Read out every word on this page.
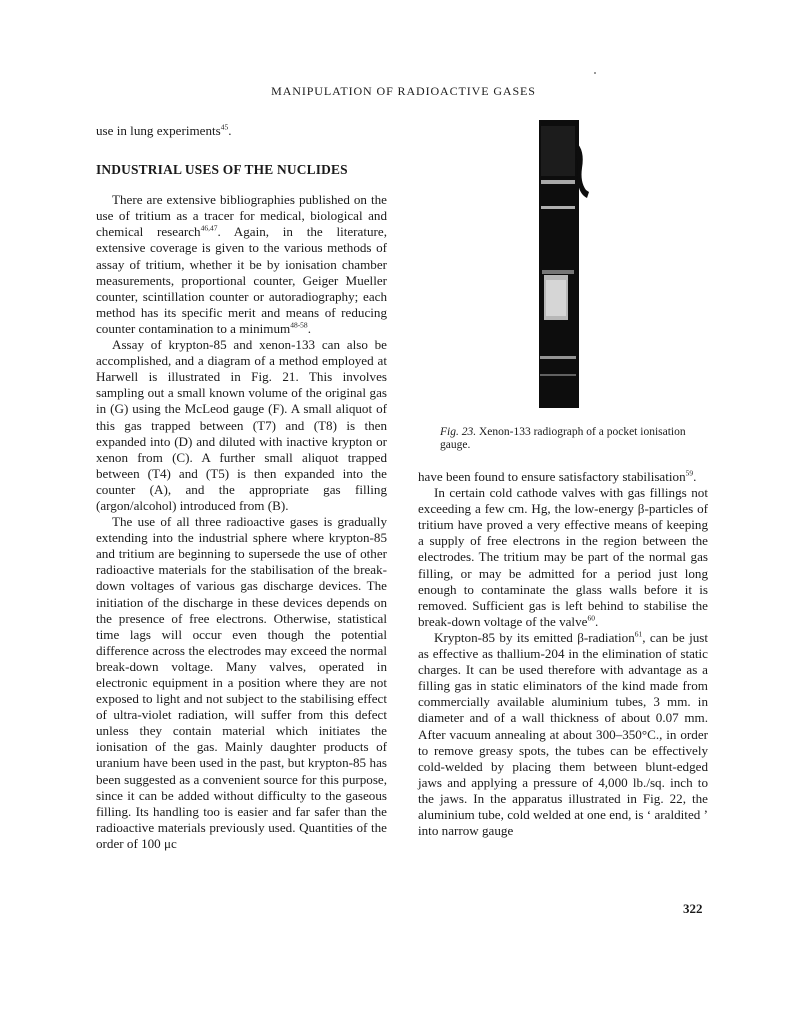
MANIPULATION OF RADIOACTIVE GASES

use in lung experiments$^{45}$.

INDUSTRIAL USES OF THE NUCLIDES

There are extensive bibliographies published on the use of tritium as a tracer for medical, biological and chemical research$^{46,47}$. Again, in the literature, extensive coverage is given to the various methods of assay of tritium, whether it be by ionisation chamber measurements, proportional counter, Geiger Mueller counter, scintillation counter or autoradiography; each method has its specific merit and means of reducing counter contamination to a minimum$^{48-58}$.

Assay of krypton-85 and xenon-133 can also be accomplished, and a diagram of a method employed at Harwell is illustrated in Fig. 21. This involves sampling out a small known volume of the original gas in (G) using the McLeod gauge (F). A small aliquot of this gas trapped between (T7) and (T8) is then expanded into (D) and diluted with inactive krypton or xenon from (C). A further small aliquot trapped between (T4) and (T5) is then expanded into the counter (A), and the appropriate gas filling (argon/alcohol) introduced from (B).

The use of all three radioactive gases is gradually extending into the industrial sphere where krypton-85 and tritium are beginning to supersede the use of other radioactive materials for the stabilisation of the break-down voltages of various gas discharge devices. The initiation of the discharge in these devices depends on the presence of free electrons. Otherwise, statistical time lags will occur even though the potential difference across the electrodes may exceed the normal break-down voltage. Many valves, operated in electronic equipment in a position where they are not exposed to light and not subject to the stabilising effect of ultra-violet radiation, will suffer from this defect unless they contain material which initiates the ionisation of the gas. Mainly daughter products of uranium have been used in the past, but krypton-85 has been suggested as a convenient source for this purpose, since it can be added without difficulty to the gaseous filling. Its handling too is easier and far safer than the radioactive materials previously used. Quantities of the order of 100 μc

Fig. 23. Xenon-133 radiograph of a pocket ionisation gauge.

have been found to ensure satisfactory stabilisation$^{59}$.

In certain cold cathode valves with gas fillings not exceeding a few cm. Hg, the low-energy β-particles of tritium have proved a very effective means of keeping a supply of free electrons in the region between the electrodes. The tritium may be part of the normal gas filling, or may be admitted for a period just long enough to contaminate the glass walls before it is removed. Sufficient gas is left behind to stabilise the break-down voltage of the valve$^{60}$.

Krypton-85 by its emitted β-radiation$^{61}$, can be just as effective as thallium-204 in the elimination of static charges. It can be used therefore with advantage as a filling gas in static eliminators of the kind made from commercially available aluminium tubes, 3 mm. in diameter and of a wall thickness of about 0.07 mm. After vacuum annealing at about 300–350°C., in order to remove greasy spots, the tubes can be effectively cold-welded by placing them between blunt-edged jaws and applying a pressure of 4,000 lb./sq. inch to the jaws. In the apparatus illustrated in Fig. 22, the aluminium tube, cold welded at one end, is ‘ araldited ’ into narrow gauge

322
